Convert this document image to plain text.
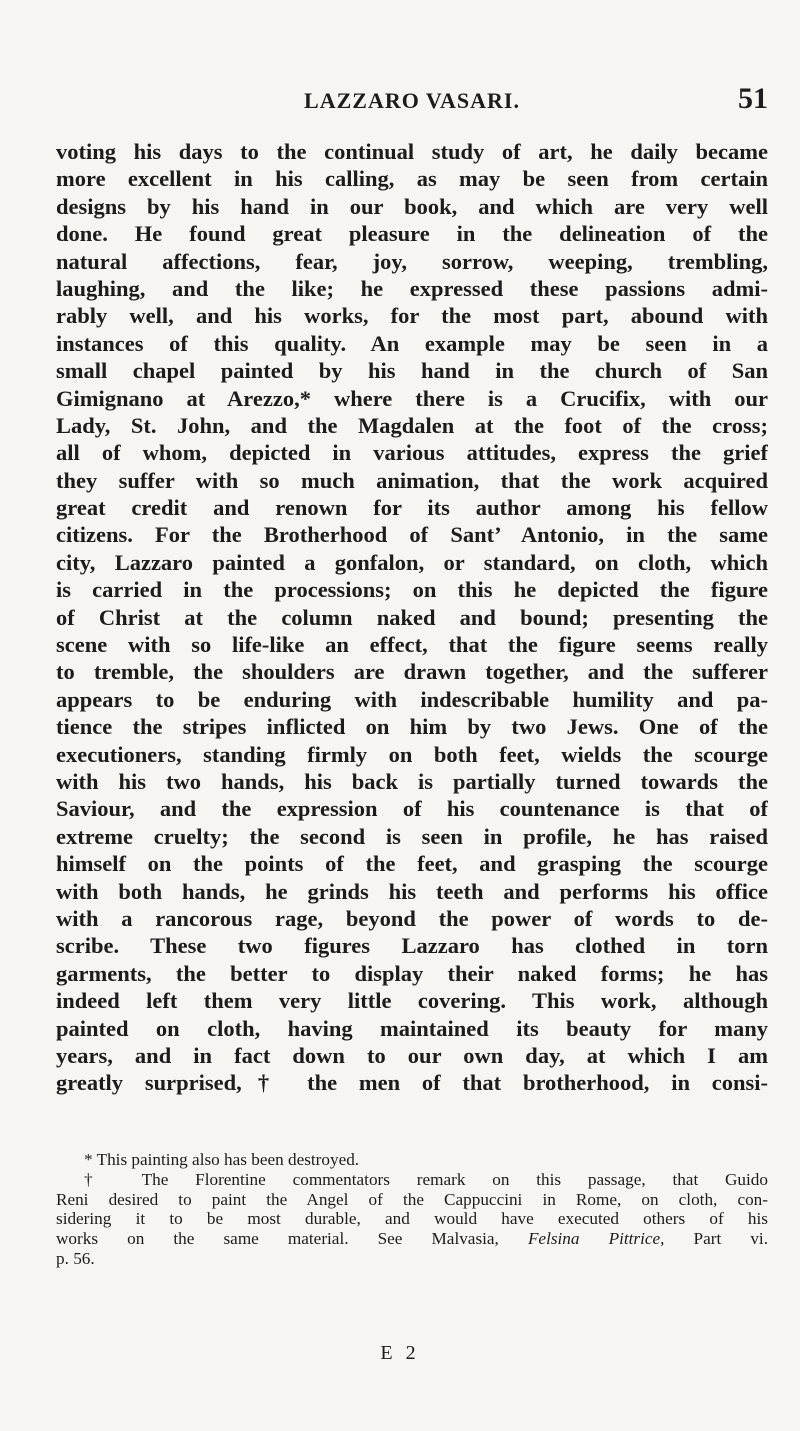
LAZZARO VASARI.	51
voting his days to the continual study of art, he daily became
more excellent in his calling, as may be seen from certain
designs by his hand in our book, and which are very well
done. He found great pleasure in the delineation of the
natural affections, fear, joy, sorrow, weeping, trembling,
laughing, and the like; he expressed these passions admi-
rably well, and his works, for the most part, abound with
instances of this quality. An example may be seen in a
small chapel painted by his hand in the church of San
Gimignano at Arezzo,* where there is a Crucifix, with our
Lady, St. John, and the Magdalen at the foot of the cross;
all of whom, depicted in various attitudes, express the grief
they suffer with so much animation, that the work acquired
great credit and renown for its author among his fellow
citizens. For the Brotherhood of Sant’ Antonio, in the same
city, Lazzaro painted a gonfalon, or standard, on cloth, which
is carried in the processions; on this he depicted the figure
of Christ at the column naked and bound; presenting the
scene with so life-like an effect, that the figure seems really
to tremble, the shoulders are drawn together, and the sufferer
appears to be enduring with indescribable humility and pa-
tience the stripes inflicted on him by two Jews. One of the
executioners, standing firmly on both feet, wields the scourge
with his two hands, his back is partially turned towards the
Saviour, and the expression of his countenance is that of
extreme cruelty; the second is seen in profile, he has raised
himself on the points of the feet, and grasping the scourge
with both hands, he grinds his teeth and performs his office
with a rancorous rage, beyond the power of words to de-
scribe. These two figures Lazzaro has clothed in torn
garments, the better to display their naked forms; he has
indeed left them very little covering. This work, although
painted on cloth, having maintained its beauty for many
years, and in fact down to our own day, at which I am
greatly surprised,† the men of that brotherhood, in consi-
* This painting also has been destroyed.
† The Florentine commentators remark on this passage, that Guido
Reni desired to paint the Angel of the Cappuccini in Rome, on cloth, con-
sidering it to be most durable, and would have executed others of his
works on the same material. See Malvasia, Felsina Pittrice, Part vi.
p. 56.
E 2
